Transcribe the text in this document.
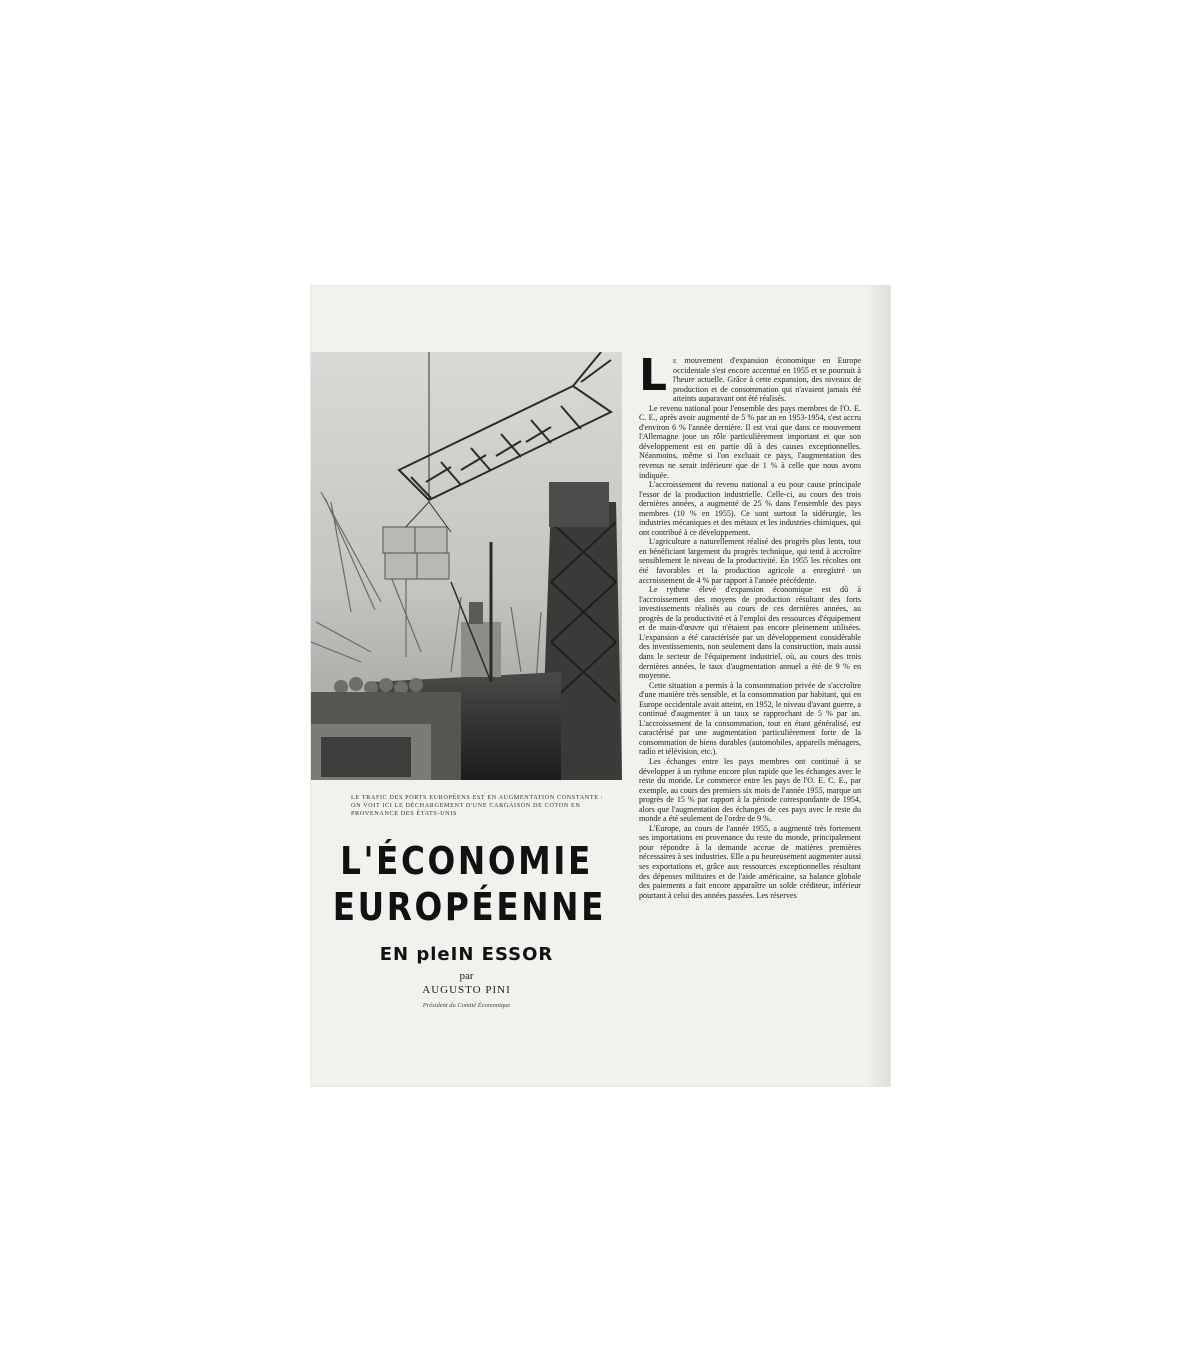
LE TRAFIC DES PORTS EUROPÉENS EST EN AUGMENTATION CONSTANTE : ON VOIT ICI LE DÉCHARGEMENT D'UNE CARGAISON DE COTON EN PROVENANCE DES ÉTATS-UNIS
L'ÉCONOMIE
EUROPÉENNE
EN pleIN ESSOR
par
AUGUSTO PINI
Président du Comité Économique

Le mouvement d'expansion économique en Europe occidentale s'est encore accentué en 1955 et se poursuit à l'heure actuelle. Grâce à cette expansion, des niveaux de production et de consommation qui n'avaient jamais été atteints auparavant ont été réalisés.

Le revenu national pour l'ensemble des pays membres de l'O. E. C. E., après avoir augmenté de 5 % par an en 1953-1954, s'est accru d'environ 6 % l'année dernière. Il est vrai que dans ce mouvement l'Allemagne joue un rôle particulièrement important et que son développement est en partie dû à des causes exceptionnelles. Néanmoins, même si l'on excluait ce pays, l'augmentation des revenus ne serait inférieure que de 1 % à celle que nous avons indiquée.

L'accroissement du revenu national a eu pour cause principale l'essor de la production industrielle. Celle-ci, au cours des trois dernières années, a augmenté de 25 % dans l'ensemble des pays membres (10 % en 1955). Ce sont surtout la sidérurgie, les industries mécaniques et des métaux et les industries chimiques, qui ont contribué à ce développement.

L'agriculture a naturellement réalisé des progrès plus lents, tout en bénéficiant largement du progrès technique, qui tend à accroître sensiblement le niveau de la productivité. En 1955 les récoltes ont été favorables et la production agricole a enregistré un accroissement de 4 % par rapport à l'année précédente.

Le rythme élevé d'expansion économique est dû à l'accroissement des moyens de production résultant des forts investissements réalisés au cours de ces dernières années, au progrès de la productivité et à l'emploi des ressources d'équipement et de main-d'œuvre qui n'étaient pas encore pleinement utilisées. L'expansion a été caractérisée par un développement considérable des investissements, non seulement dans la construction, mais aussi dans le secteur de l'équipement industriel, où, au cours des trois dernières années, le taux d'augmentation annuel a été de 9 % en moyenne.

Cette situation a permis à la consommation privée de s'accroître d'une manière très sensible, et la consommation par habitant, qui en Europe occidentale avait atteint, en 1952, le niveau d'avant guerre, a continué d'augmenter à un taux se rapprochant de 5 % par an. L'accroissement de la consommation, tout en étant généralisé, est caractérisé par une augmentation particulièrement forte de la consommation de biens durables (automobiles, appareils ménagers, radio et télévision, etc.).

Les échanges entre les pays membres ont continué à se développer à un rythme encore plus rapide que les échanges avec le reste du monde. Le commerce entre les pays de l'O. E. C. E., par exemple, au cours des premiers six mois de l'année 1955, marque un progrès de 15 % par rapport à la période correspondante de 1954, alors que l'augmentation des échanges de ces pays avec le reste du monde a été seulement de l'ordre de 9 %.

L'Europe, au cours de l'année 1955, a augmenté très fortement ses importations en provenance du reste du monde, principalement pour répondre à la demande accrue de matières premières nécessaires à ses industries. Elle a pu heureusement augmenter aussi ses exportations et, grâce aux ressources exceptionnelles résultant des dépenses militaires et de l'aide américaine, sa balance globale des paiements a fait encore apparaître un solde créditeur, inférieur pourtant à celui des années passées. Les réserves
